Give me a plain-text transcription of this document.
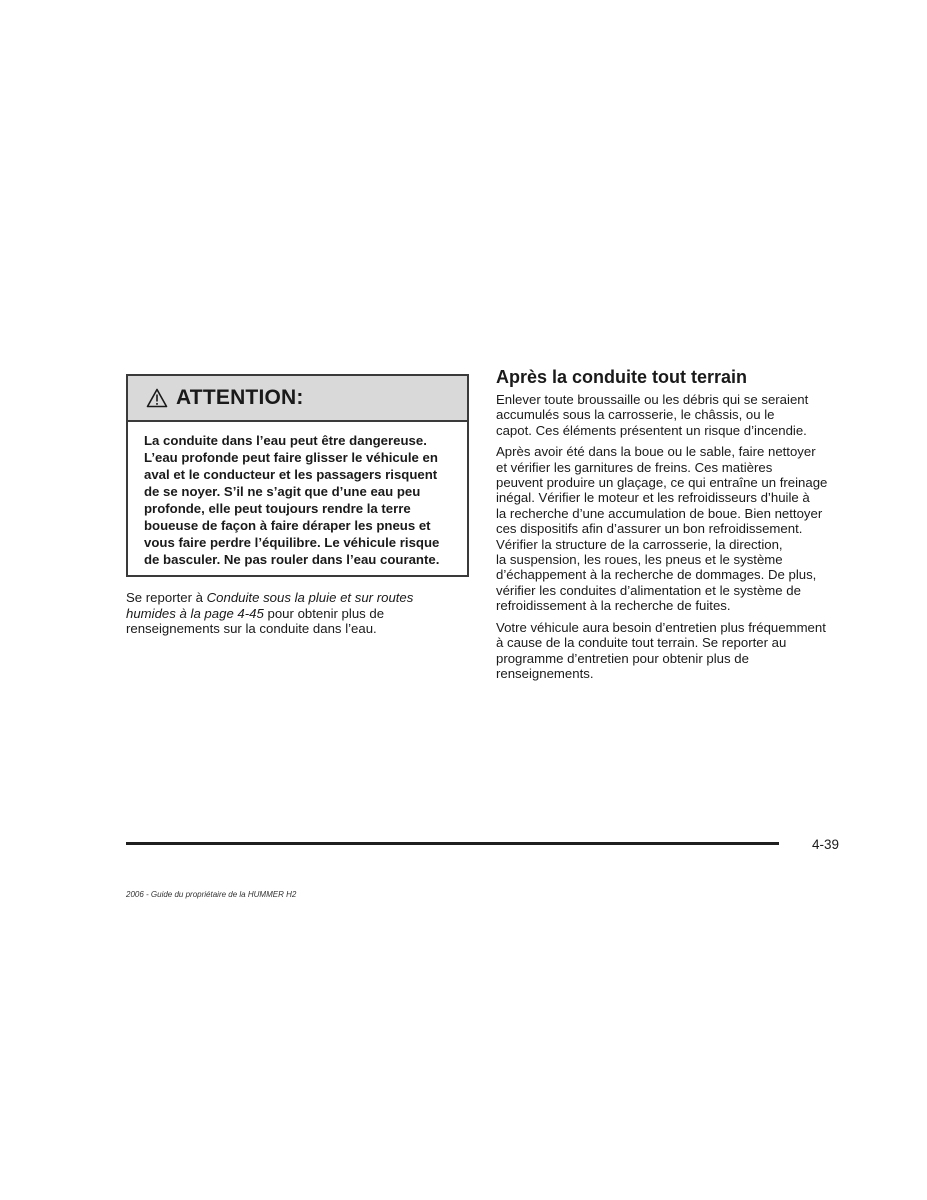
ATTENTION:
La conduite dans l’eau peut être dangereuse.
L’eau profonde peut faire glisser le véhicule en
aval et le conducteur et les passagers risquent
de se noyer. S’il ne s’agit que d’une eau peu
profonde, elle peut toujours rendre la terre
boueuse de façon à faire déraper les pneus et
vous faire perdre l’équilibre. Le véhicule risque
de basculer. Ne pas rouler dans l’eau courante.
Se reporter à Conduite sous la pluie et sur routes
humides à la page 4-45 pour obtenir plus de
renseignements sur la conduite dans l’eau.
Après la conduite tout terrain
Enlever toute broussaille ou les débris qui se seraient
accumulés sous la carrosserie, le châssis, ou le
capot. Ces éléments présentent un risque d’incendie.
Après avoir été dans la boue ou le sable, faire nettoyer
et vérifier les garnitures de freins. Ces matières
peuvent produire un glaçage, ce qui entraîne un freinage
inégal. Vérifier le moteur et les refroidisseurs d’huile à
la recherche d’une accumulation de boue. Bien nettoyer
ces dispositifs afin d’assurer un bon refroidissement.
Vérifier la structure de la carrosserie, la direction,
la suspension, les roues, les pneus et le système
d’échappement à la recherche de dommages. De plus,
vérifier les conduites d’alimentation et le système de
refroidissement à la recherche de fuites.
Votre véhicule aura besoin d’entretien plus fréquemment
à cause de la conduite tout terrain. Se reporter au
programme d’entretien pour obtenir plus de
renseignements.
4-39
2006 - Guide du propriétaire de la HUMMER H2
